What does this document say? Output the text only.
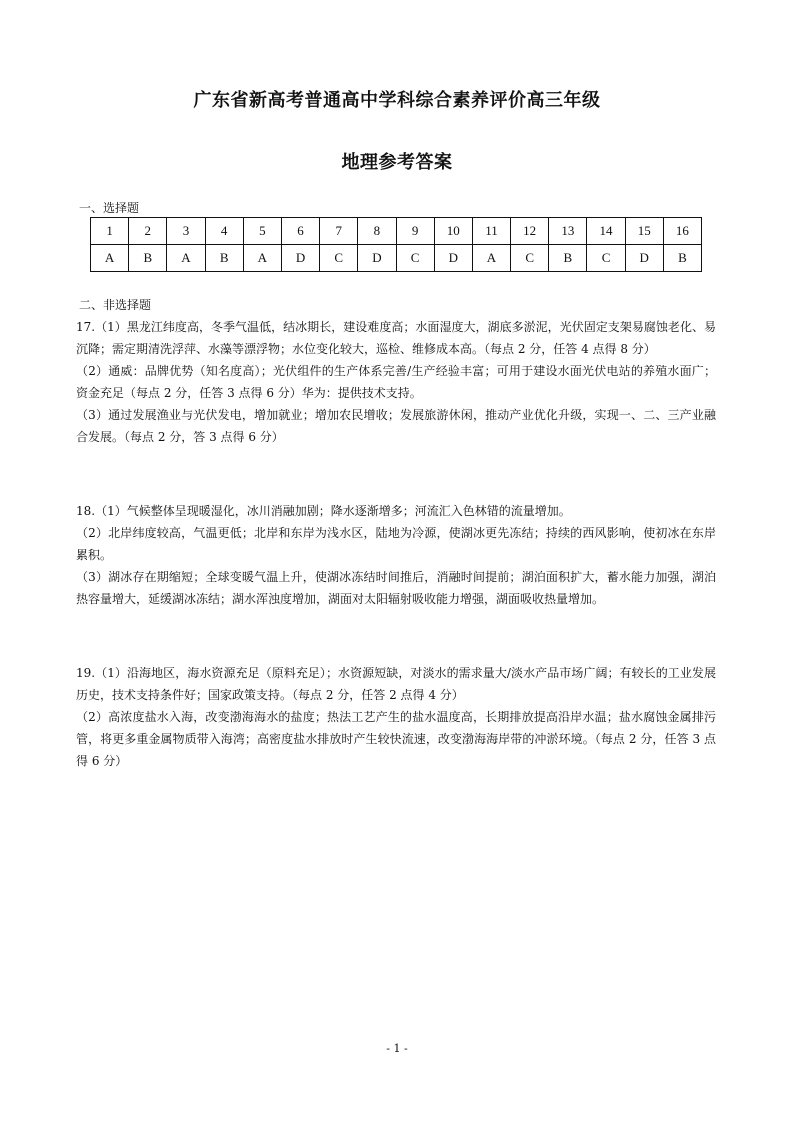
广东省新高考普通高中学科综合素养评价高三年级
地理参考答案
一、选择题
1	2	3	4	5	6	7	8	9	10	11	12	13	14	15	16
A	B	A	B	A	D	C	D	C	D	A	C	B	C	D	B
二、非选择题

17.（1）黑龙江纬度高，冬季气温低，结冰期长，建设难度高；水面湿度大，湖底多淤泥，光伏固定支架易腐蚀老化、易沉降；需定期清洗浮萍、水藻等漂浮物；水位变化较大，巡检、维修成本高。（每点 2 分，任答 4 点得 8 分）

（2）通威：品牌优势（知名度高）；光伏组件的生产体系完善/生产经验丰富；可用于建设水面光伏电站的养殖水面广；资金充足（每点 2 分，任答 3 点得 6 分）华为：提供技术支持。

（3）通过发展渔业与光伏发电，增加就业；增加农民增收；发展旅游休闲，推动产业优化升级，实现一、二、三产业融合发展。（每点 2 分，答 3 点得 6 分）

18.（1）气候整体呈现暖湿化，冰川消融加剧；降水逐渐增多；河流汇入色林错的流量增加。

（2）北岸纬度较高，气温更低；北岸和东岸为浅水区，陆地为冷源，使湖冰更先冻结；持续的西风影响，使初冰在东岸累积。

（3）湖冰存在期缩短；全球变暖气温上升，使湖冰冻结时间推后，消融时间提前；湖泊面积扩大，蓄水能力加强，湖泊热容量增大，延缓湖冰冻结；湖水浑浊度增加，湖面对太阳辐射吸收能力增强，湖面吸收热量增加。

19.（1）沿海地区，海水资源充足（原料充足）；水资源短缺，对淡水的需求量大/淡水产品市场广阔；有较长的工业发展历史，技术支持条件好；国家政策支持。（每点 2 分，任答 2 点得 4 分）

（2）高浓度盐水入海，改变渤海海水的盐度；热法工艺产生的盐水温度高，长期排放提高沿岸水温；盐水腐蚀金属排污管，将更多重金属物质带入海湾；高密度盐水排放时产生较快流速，改变渤海海岸带的冲淤环境。（每点 2 分，任答 3 点得 6 分）

- 1 -
